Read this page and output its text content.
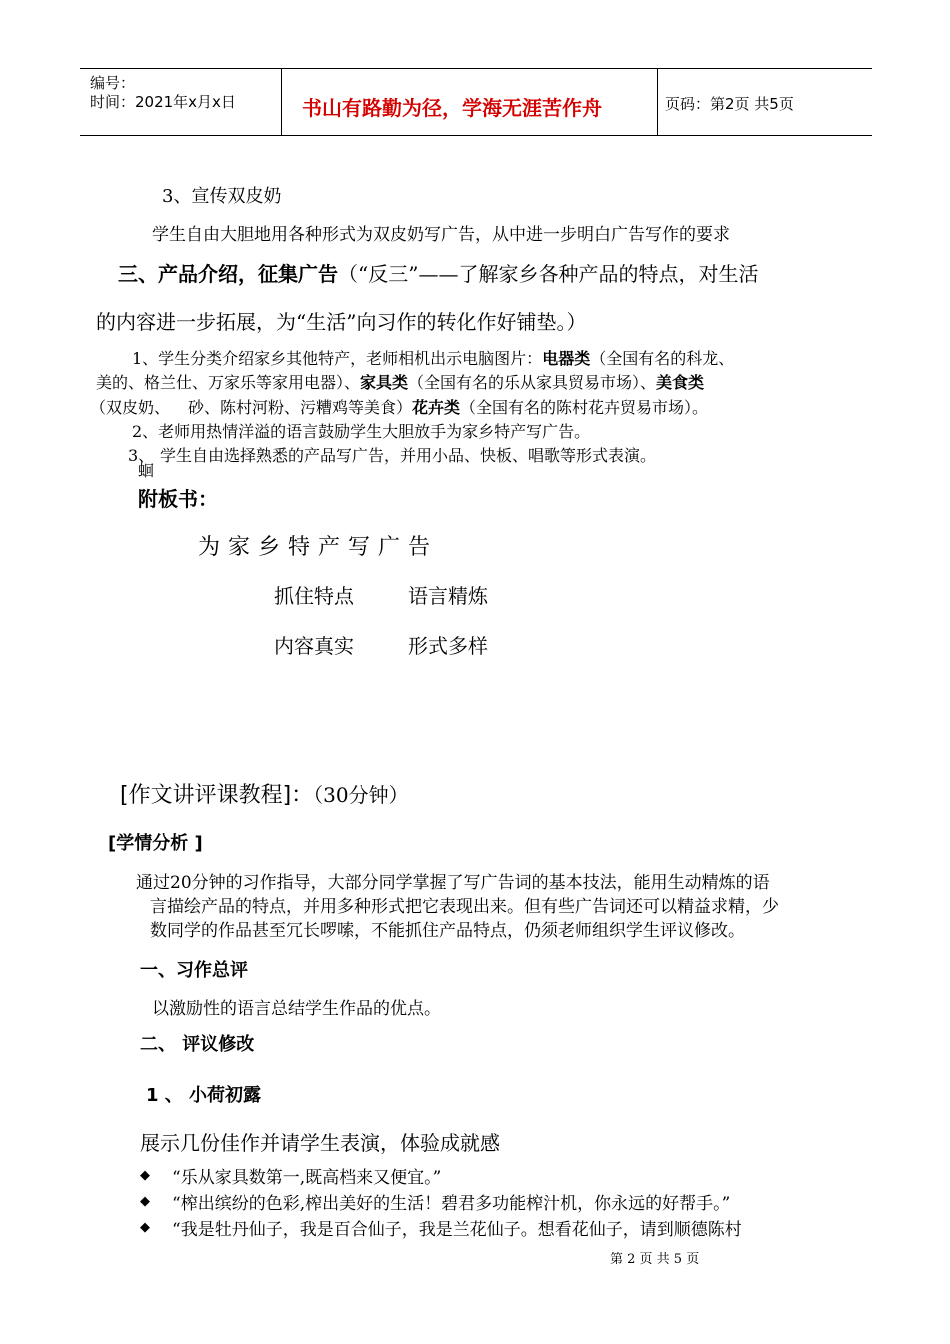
编号：
时间：2021年x月x日	书山有路勤为径，学海无涯苦作舟	页码：第2页 共5页
3、宣传双皮奶
学生自由大胆地用各种形式为双皮奶写广告，从中进一步明白广告写作的要求
三、产品介绍，征集广告（“反三”——了解家乡各种产品的特点，对生活
的内容进一步拓展，为“生活”向习作的转化作好铺垫。）
1、学生分类介绍家乡其他特产，老师相机出示电脑图片：电器类（全国有名的科龙、
美的、格兰仕、万家乐等家用电器）、家具类（全国有名的乐从家具贸易市场）、美食类
（双皮奶、 砂、陈村河粉、污糟鸡等美食）花卉类（全国有名的陈村花卉贸易市场）。
2、老师用热情洋溢的语言鼓励学生大胆放手为家乡特产写广告。
3、 学生自由选择熟悉的产品写广告，并用小品、快板、唱歌等形式表演。
蛔
附板书：
为家乡特产写广告
抓住特点	语言精炼
内容真实	形式多样
[作文讲评课教程]：（30分钟）
[学情分析 ]
通过20分钟的习作指导，大部分同学掌握了写广告词的基本技法，能用生动精炼的语
言描绘产品的特点，并用多种形式把它表现出来。但有些广告词还可以精益求精，少
数同学的作品甚至冗长啰嗦，不能抓住产品特点，仍须老师组织学生评议修改。
一、习作总评
以激励性的语言总结学生作品的优点。
二、 评议修改
1 、 小荷初露
展示几份佳作并请学生表演，体验成就感
◆ “乐从家具数第一,既高档来又便宜。”
◆ “榨出缤纷的色彩,榨出美好的生活！碧君多功能榨汁机，你永远的好帮手。”
◆ “我是牡丹仙子，我是百合仙子，我是兰花仙子。想看花仙子，请到顺德陈村
第 2 页 共 5 页
